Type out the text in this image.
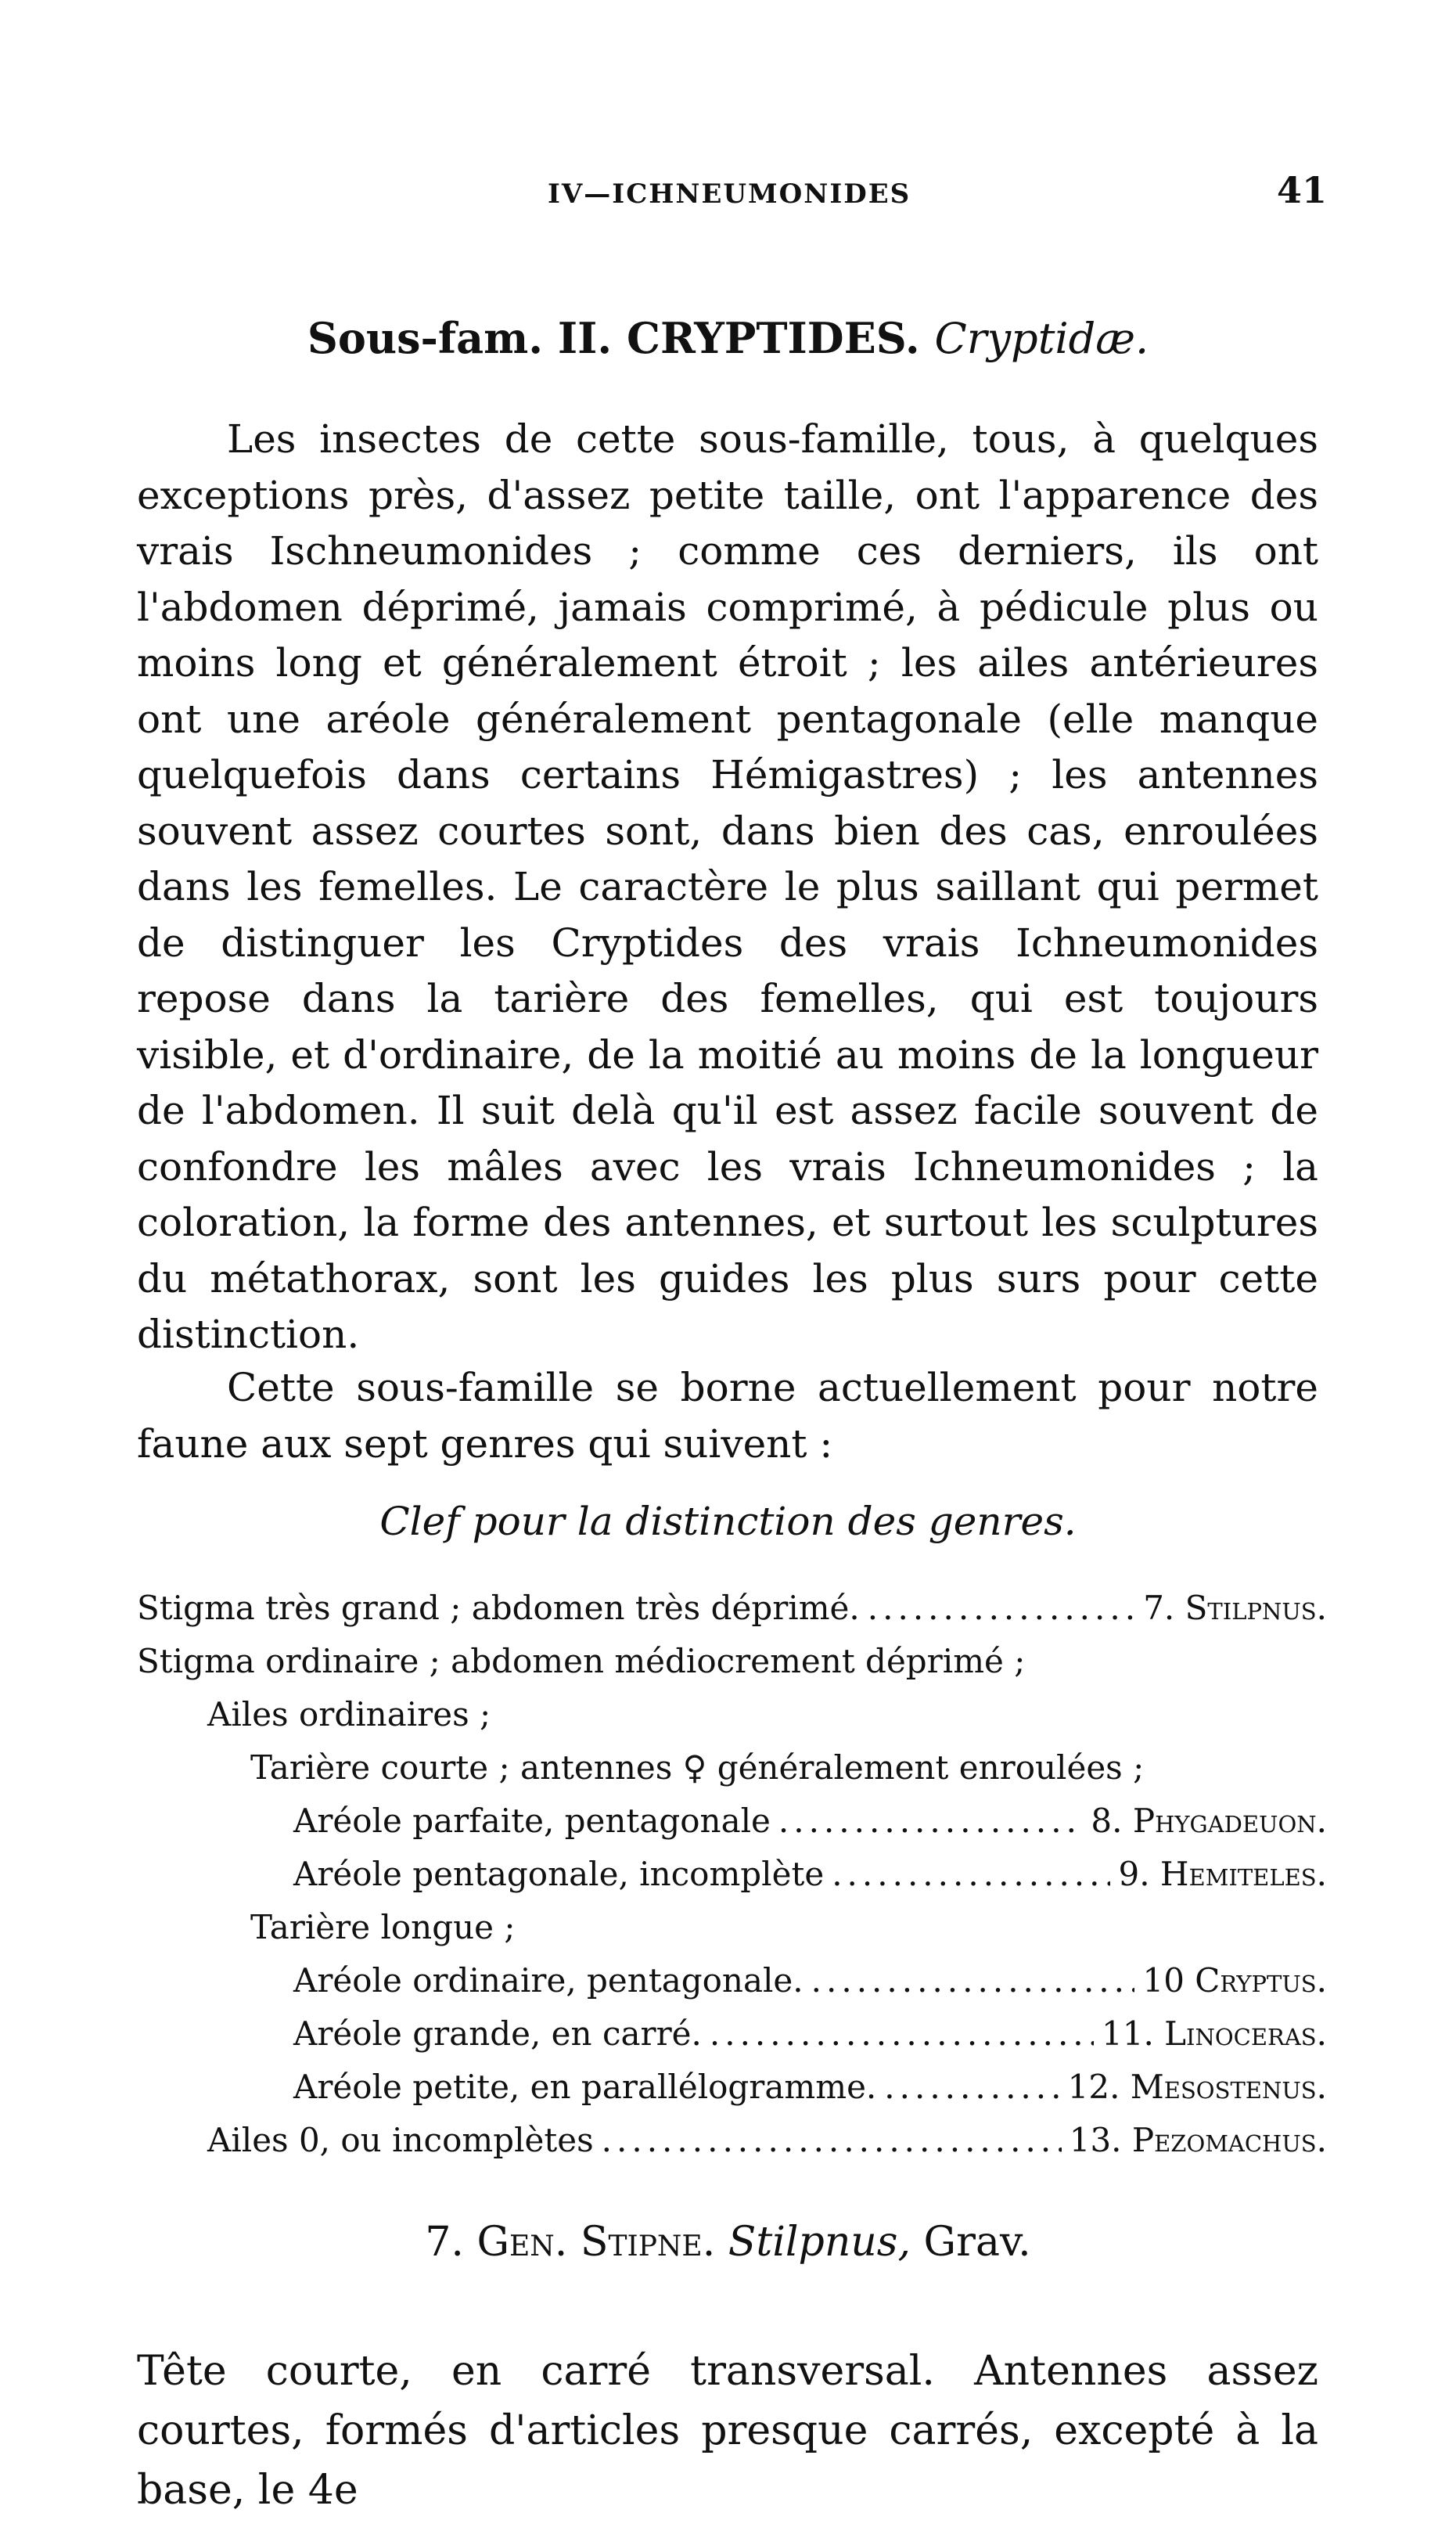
IV—ICHNEUMONIDES	41
Sous-fam. II. CRYPTIDES. Cryptidæ.

Les insectes de cette sous-famille, tous, à quelques exceptions près, d'assez petite taille, ont l'apparence des vrais Ischneumonides ; comme ces derniers, ils ont l'abdomen déprimé, jamais comprimé, à pédicule plus ou moins long et généralement étroit ; les ailes antérieures ont une aréole généralement pentagonale (elle manque quelquefois dans certains Hémigastres) ; les antennes souvent assez courtes sont, dans bien des cas, enroulées dans les femelles. Le caractère le plus saillant qui permet de distinguer les Cryptides des vrais Ichneumonides repose dans la tarière des femelles, qui est toujours visible, et d'ordinaire, de la moitié au moins de la longueur de l'abdomen. Il suit delà qu'il est assez facile souvent de confondre les mâles avec les vrais Ichneumonides ; la coloration, la forme des antennes, et surtout les sculptures du métathorax, sont les guides les plus surs pour cette distinction.

Cette sous-famille se borne actuellement pour notre faune aux sept genres qui suivent :

Clef pour la distinction des genres.
Stigma très grand ; abdomen très déprimé. .....	7. Stilpnus.
Stigma ordinaire ; abdomen médiocrement déprimé ;
Ailes ordinaires ;
Tarière courte ; antennes ♀ généralement enroulées ;
Aréole parfaite, pentagonale .....	8. Phygadeuon.
Aréole pentagonale, incomplète .....	9. Hemiteles.
Tarière longue ;
Aréole ordinaire, pentagonale. .....	10 Cryptus.
Aréole grande, en carré. .....	11. Linoceras.
Aréole petite, en parallélogramme. .....	12. Mesostenus.
Ailes 0, ou incomplètes .....	13. Pezomachus.
7. Gen. Stipne. Stilpnus, Grav.

Tête courte, en carré transversal. Antennes assez courtes, formés d'articles presque carrés, excepté à la base, le 4e
